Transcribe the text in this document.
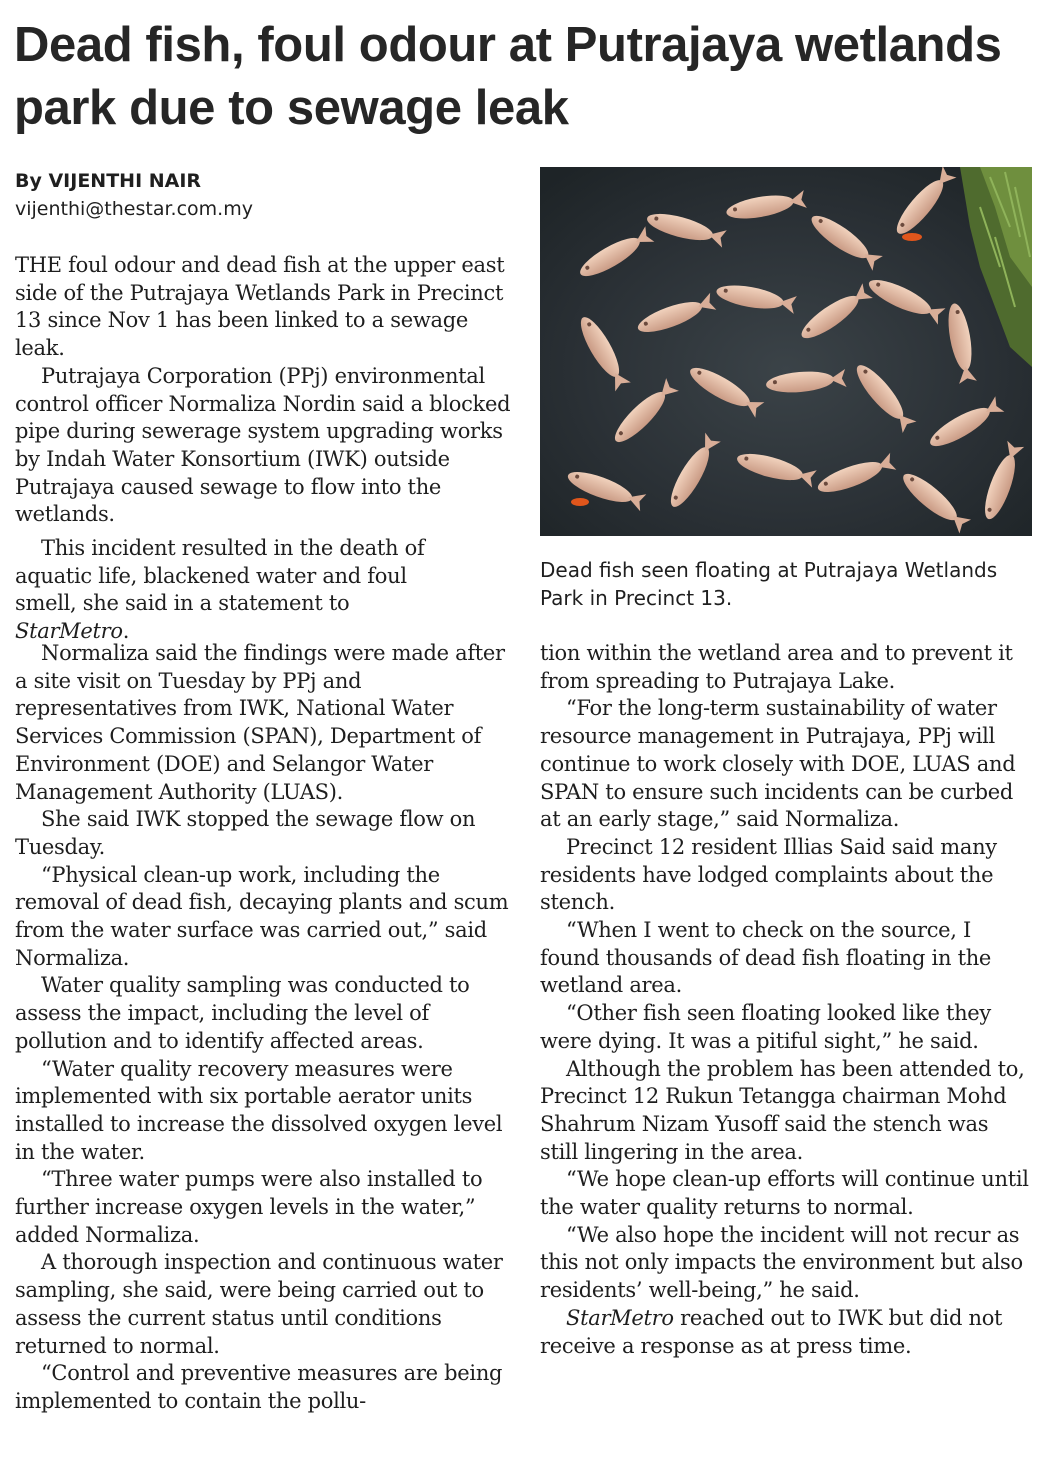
Dead fish, foul odour at Putrajaya wetlands park due to sewage leak
By VIJENTHI NAIR
vijenthi@thestar.com.my
Dead fish seen floating at Putrajaya Wetlands Park in Precinct 13.

THE foul odour and dead fish at the upper east side of the Putrajaya Wetlands Park in Precinct 13 since Nov 1 has been linked to a sewage leak.

Putrajaya Corporation (PPj) environmental control officer Normaliza Nordin said a blocked pipe during sewerage system upgrading works by Indah Water Konsortium (IWK) outside Putrajaya caused sewage to flow into the wetlands.

This incident resulted in the death of aquatic life, blackened water and foul smell, she said in a statement to StarMetro.

Normaliza said the findings were made after a site visit on Tuesday by PPj and representatives from IWK, National Water Services Commission (SPAN), Department of Environment (DOE) and Selangor Water Management Authority (LUAS).

She said IWK stopped the sewage flow on Tuesday.

“Physical clean-up work, including the removal of dead fish, decaying plants and scum from the water surface was carried out,” said Normaliza.

Water quality sampling was conducted to assess the impact, including the level of pollution and to identify affected areas.

“Water quality recovery measures were implemented with six portable aerator units installed to increase the dissolved oxygen level in the water.

“Three water pumps were also installed to further increase oxygen levels in the water,” added Normaliza.

A thorough inspection and continuous water sampling, she said, were being carried out to assess the current status until conditions returned to normal.

“Control and preventive measures are being implemented to contain the pollu-

tion within the wetland area and to prevent it from spreading to Putrajaya Lake.

“For the long-term sustainability of water resource management in Putrajaya, PPj will continue to work closely with DOE, LUAS and SPAN to ensure such incidents can be curbed at an early stage,” said Normaliza.

Precinct 12 resident Illias Said said many residents have lodged complaints about the stench.

“When I went to check on the source, I found thousands of dead fish floating in the wetland area.

“Other fish seen floating looked like they were dying. It was a pitiful sight,” he said.

Although the problem has been attended to, Precinct 12 Rukun Tetangga chairman Mohd Shahrum Nizam Yusoff said the stench was still lingering in the area.

“We hope clean-up efforts will continue until the water quality returns to normal.

“We also hope the incident will not recur as this not only impacts the environment but also residents’ well-being,” he said.

StarMetro reached out to IWK but did not receive a response as at press time.
